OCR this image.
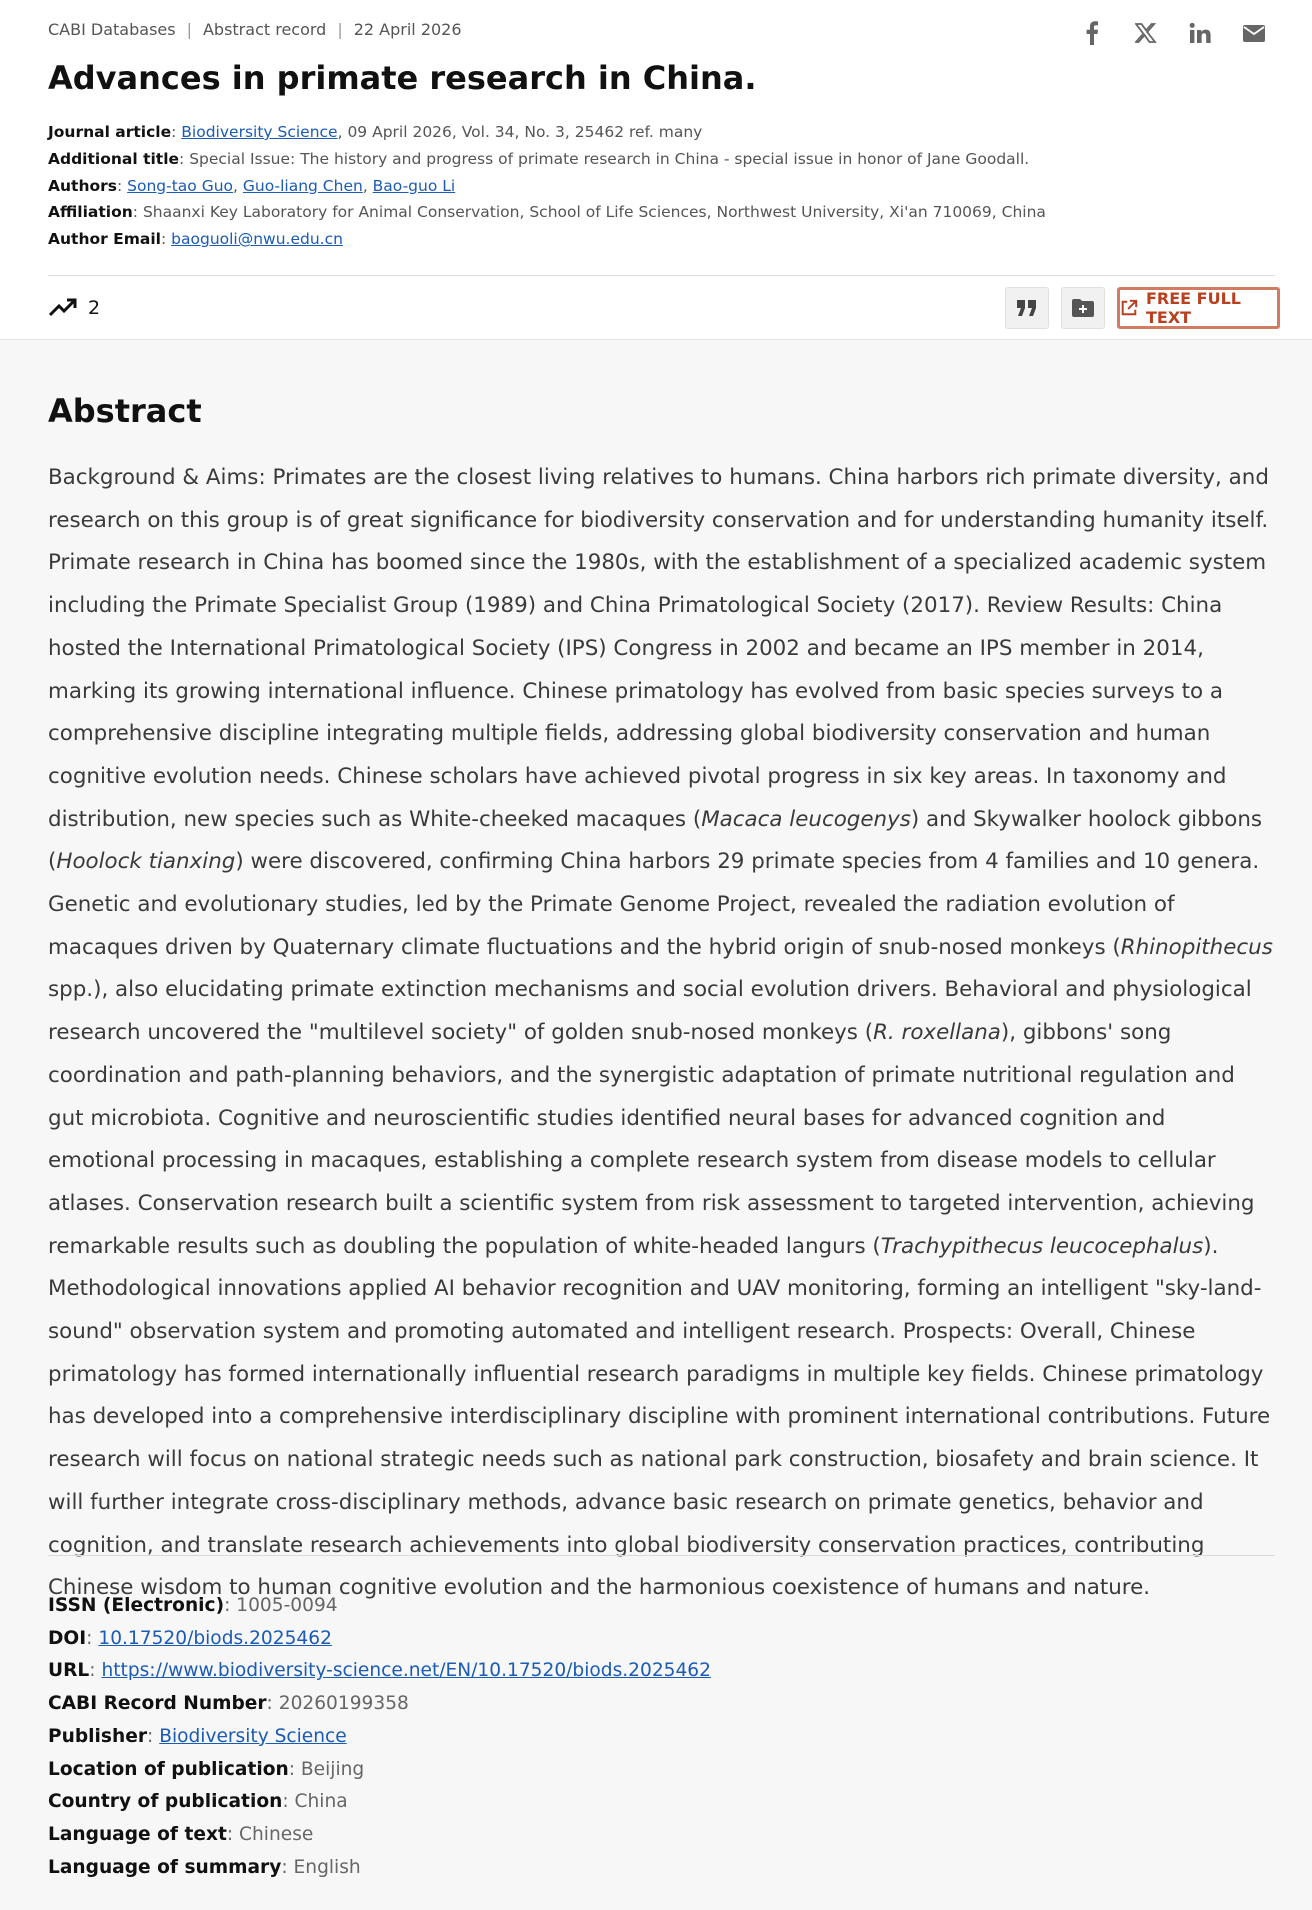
CABI Databases | Abstract record | 22 April 2026
Advances in primate research in China.
Journal article: Biodiversity Science, 09 April 2026, Vol. 34, No. 3, 25462 ref. many
Additional title: Special Issue: The history and progress of primate research in China - special issue in honor of Jane Goodall.
Authors: Song-tao Guo, Guo-liang Chen, Bao-guo Li
Affiliation: Shaanxi Key Laboratory for Animal Conservation, School of Life Sciences, Northwest University, Xi'an 710069, China
Author Email: baoguoli@nwu.edu.cn
2	FREE FULL TEXT
Abstract

Background & Aims: Primates are the closest living relatives to humans. China harbors rich primate diversity, and research on this group is of great significance for biodiversity conservation and for understanding humanity itself. Primate research in China has boomed since the 1980s, with the establishment of a specialized academic system including the Primate Specialist Group (1989) and China Primatological Society (2017). Review Results: China hosted the International Primatological Society (IPS) Congress in 2002 and became an IPS member in 2014, marking its growing international influence. Chinese primatology has evolved from basic species surveys to a comprehensive discipline integrating multiple fields, addressing global biodiversity conservation and human cognitive evolution needs. Chinese scholars have achieved pivotal progress in six key areas. In taxonomy and distribution, new species such as White-cheeked macaques (Macaca leucogenys) and Skywalker hoolock gibbons (Hoolock tianxing) were discovered, confirming China harbors 29 primate species from 4 families and 10 genera. Genetic and evolutionary studies, led by the Primate Genome Project, revealed the radiation evolution of macaques driven by Quaternary climate fluctuations and the hybrid origin of snub-nosed monkeys (Rhinopithecus spp.), also elucidating primate extinction mechanisms and social evolution drivers. Behavioral and physiological research uncovered the "multilevel society" of golden snub-nosed monkeys (R. roxellana), gibbons' song coordination and path-planning behaviors, and the synergistic adaptation of primate nutritional regulation and gut microbiota. Cognitive and neuroscientific studies identified neural bases for advanced cognition and emotional processing in macaques, establishing a complete research system from disease models to cellular atlases. Conservation research built a scientific system from risk assessment to targeted intervention, achieving remarkable results such as doubling the population of white-headed langurs (Trachypithecus leucocephalus). Methodological innovations applied AI behavior recognition and UAV monitoring, forming an intelligent "sky-land-sound" observation system and promoting automated and intelligent research. Prospects: Overall, Chinese primatology has formed internationally influential research paradigms in multiple key fields. Chinese primatology has developed into a comprehensive interdisciplinary discipline with prominent international contributions. Future research will focus on national strategic needs such as national park construction, biosafety and brain science. It will further integrate cross-disciplinary methods, advance basic research on primate genetics, behavior and cognition, and translate research achievements into global biodiversity conservation practices, contributing Chinese wisdom to human cognitive evolution and the harmonious coexistence of humans and nature.

ISSN (Electronic): 1005-0094
DOI: 10.17520/biods.2025462
URL: https://www.biodiversity-science.net/EN/10.17520/biods.2025462
CABI Record Number: 20260199358
Publisher: Biodiversity Science
Location of publication: Beijing
Country of publication: China
Language of text: Chinese
Language of summary: English
